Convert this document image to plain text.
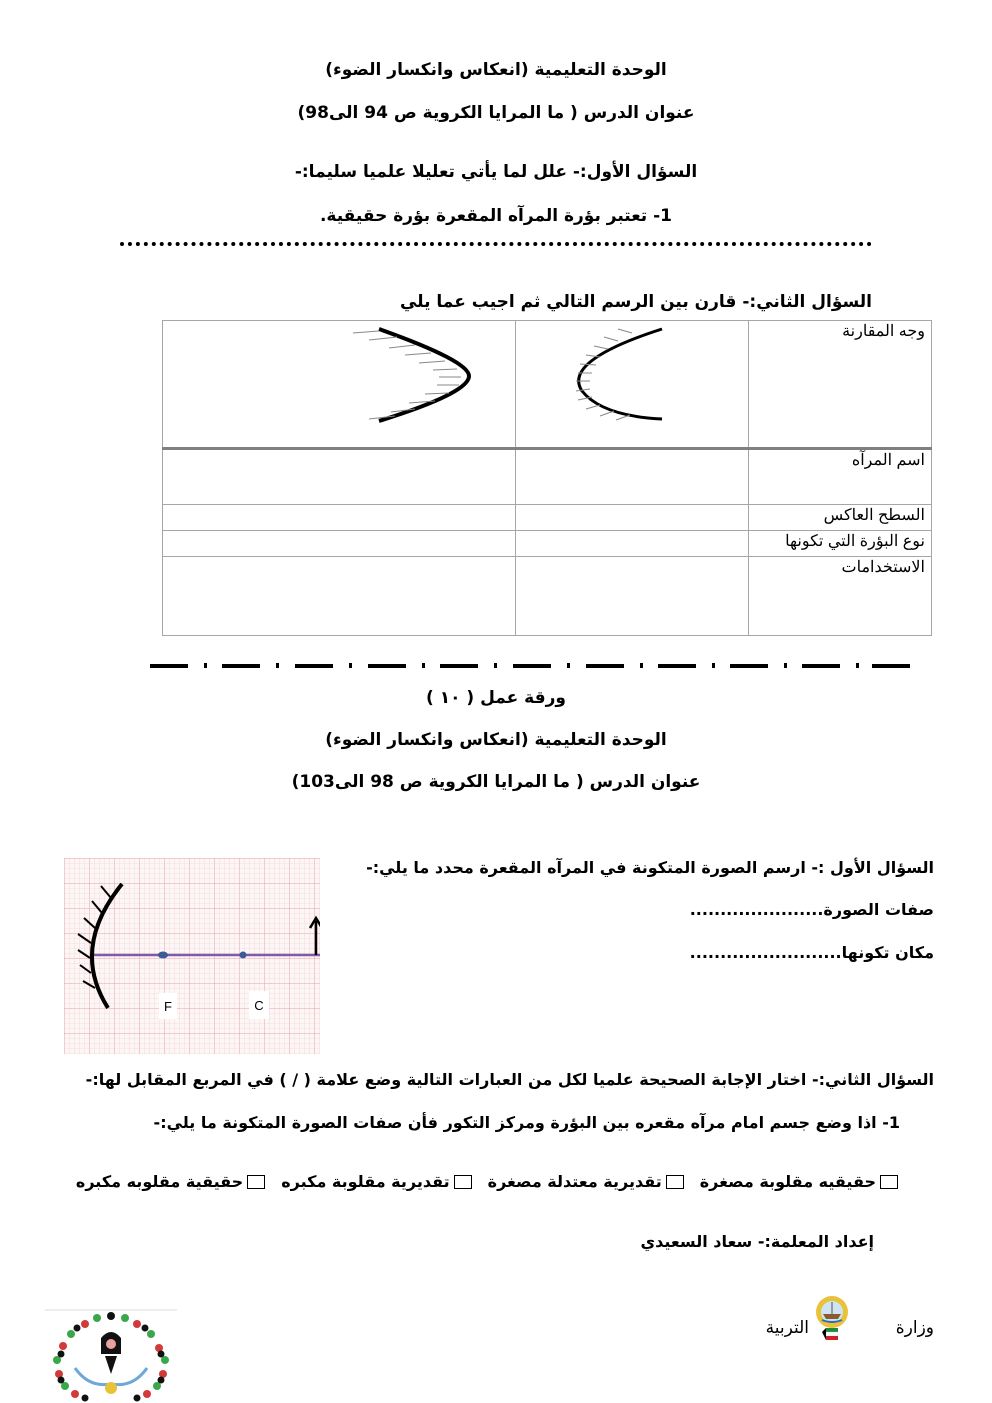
الوحدة التعليمية (انعكاس وانكسار الضوء)
عنوان الدرس ( ما المرايا الكروية ص 94 الى98)
السؤال الأول:- علل لما يأتي تعليلا علميا سليما:-
1- تعتبر بؤرة المرآه المقعرة بؤرة حقيقية.
السؤال الثاني:- قارن بين الرسم التالي ثم اجيب عما يلي
وجه المقارنة		
اسم المرآه		
السطح العاكس		
نوع البؤرة التي تكونها		
الاستخدامات		
ورقة عمل ( ١٠ )
الوحدة التعليمية (انعكاس وانكسار الضوء)
عنوان الدرس ( ما المرايا الكروية ص 98 الى103)
السؤال الأول :- ارسم الصورة المتكونة في المرآه المقعرة محدد ما يلي:-
صفات الصورة......................
مكان تكونها.........................
F	C
السؤال الثاني:- اختار الإجابة الصحيحة علميا لكل من العبارات التالية وضع علامة ( / ) في المربع المقابل لها:-
1- اذا وضع جسم امام مرآه مقعره بين البؤرة ومركز التكور فأن صفات الصورة المتكونة ما يلي:-
حقيقيه مقلوبة مصغرة
تقديرية معتدلة مصغرة
تقديرية مقلوبة مكبره
حقيقية مقلوبه مكبره
إعداد المعلمة:- سعاد السعيدي
وزارة
التربية
